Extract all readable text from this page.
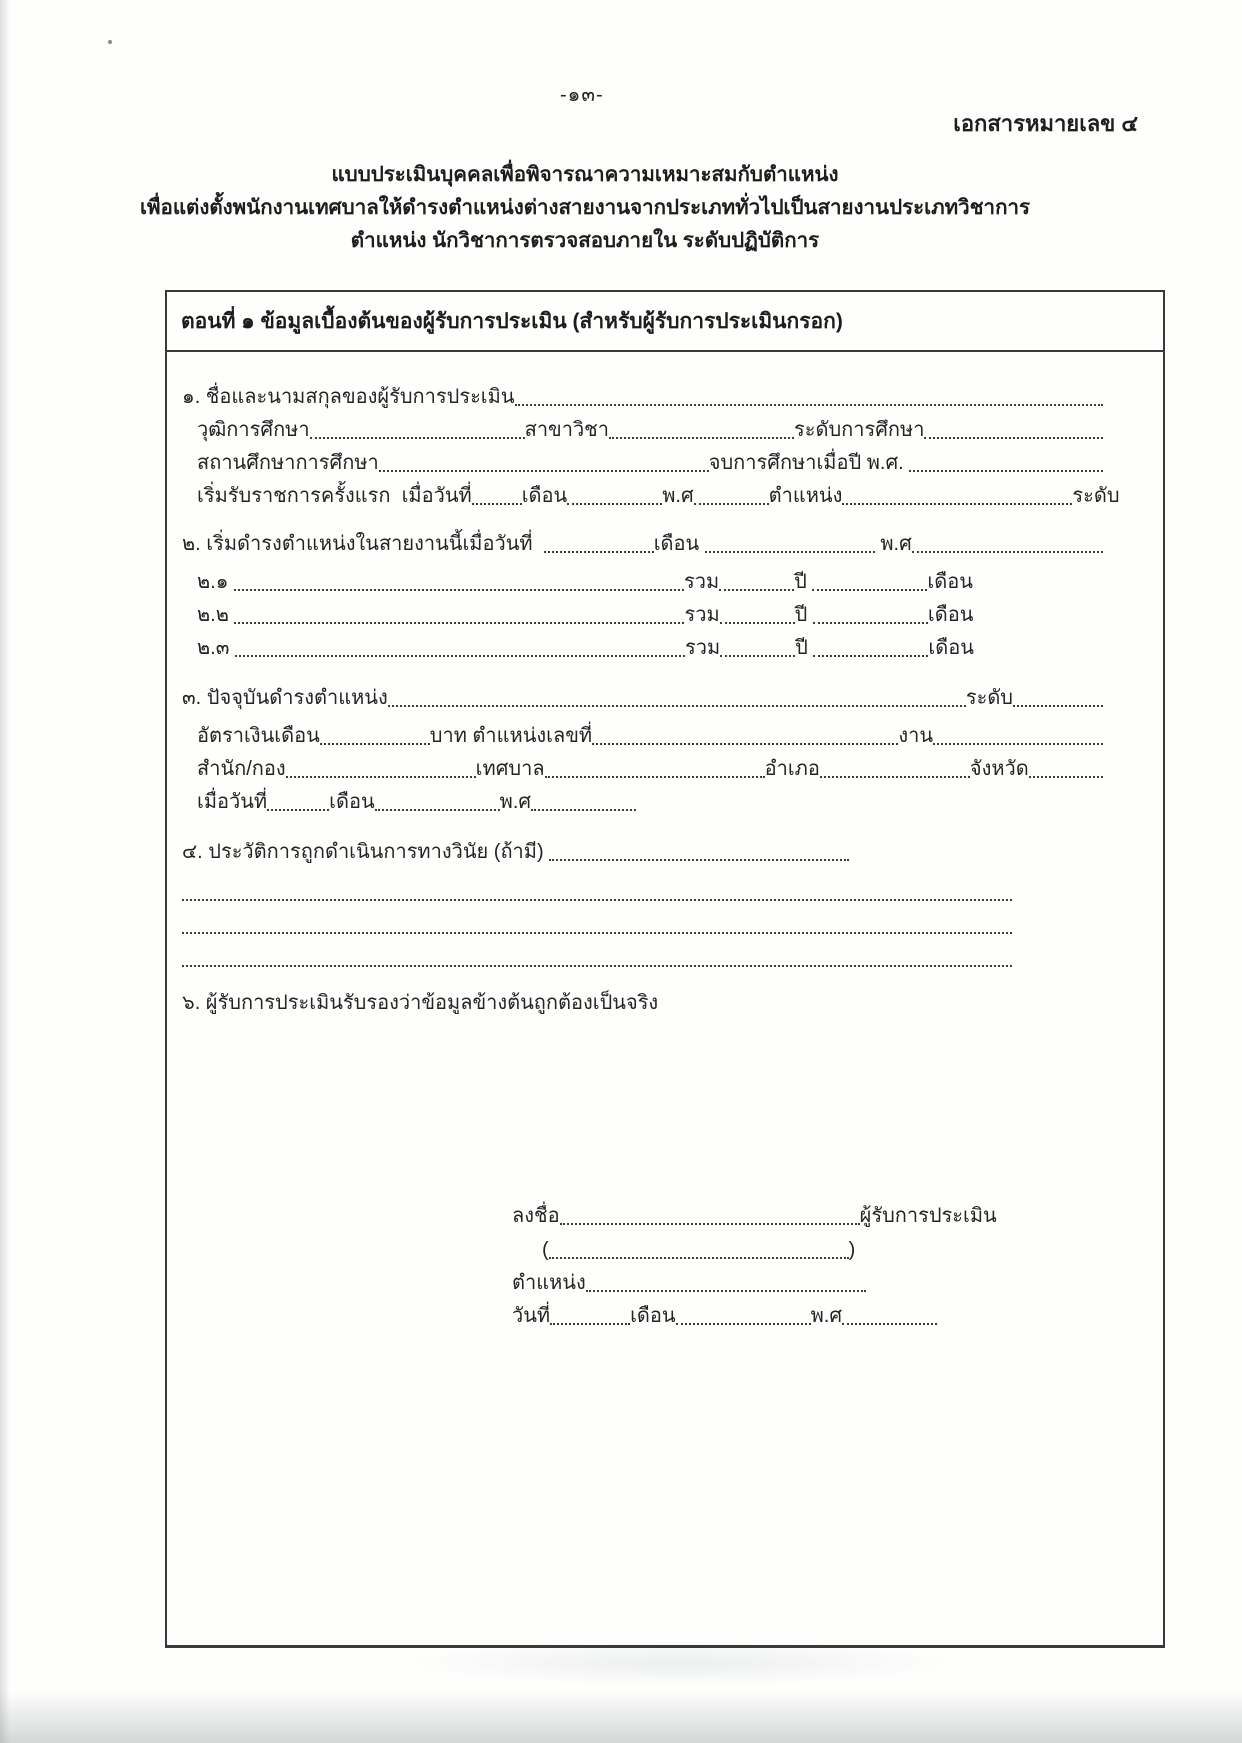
-๑๓-
เอกสารหมายเลข ๔
แบบประเมินบุคคลเพื่อพิจารณาความเหมาะสมกับตำแหน่ง
เพื่อแต่งตั้งพนักงานเทศบาลให้ดำรงตำแหน่งต่างสายงานจากประเภททั่วไปเป็นสายงานประเภทวิชาการ
ตำแหน่ง นักวิชาการตรวจสอบภายใน ระดับปฏิบัติการ
ตอนที่ ๑ ข้อมูลเบื้องต้นของผู้รับการประเมิน (สำหรับผู้รับการประเมินกรอก)
๑. ชื่อและนามสกุลของผู้รับการประเมิน
วุฒิการศึกษา	สาขาวิชา	ระดับการศึกษา
สถานศึกษาการศึกษา	จบการศึกษาเมื่อปี พ.ศ.
เริ่มรับราชการครั้งแรก  เมื่อวันที่	เดือน	พ.ศ	ตำแหน่ง	ระดับ
๒. เริ่มดำรงตำแหน่งในสายงานนี้เมื่อวันที่	เดือน	พ.ศ
๒.๑	รวม	ปี	เดือน
๒.๒	รวม	ปี	เดือน
๒.๓	รวม	ปี	เดือน
๓. ปัจจุบันดำรงตำแหน่ง	ระดับ
อัตราเงินเดือน	บาท ตำแหน่งเลขที่	งาน
สำนัก/กอง	เทศบาล	อำเภอ	จังหวัด
เมื่อวันที่	เดือน	พ.ศ
๔. ประวัติการถูกดำเนินการทางวินัย (ถ้ามี)
๖. ผู้รับการประเมินรับรองว่าข้อมูลข้างต้นถูกต้องเป็นจริง
ลงชื่อ	ผู้รับการประเมิน
(	)
ตำแหน่ง
วันที่	เดือน	พ.ศ
